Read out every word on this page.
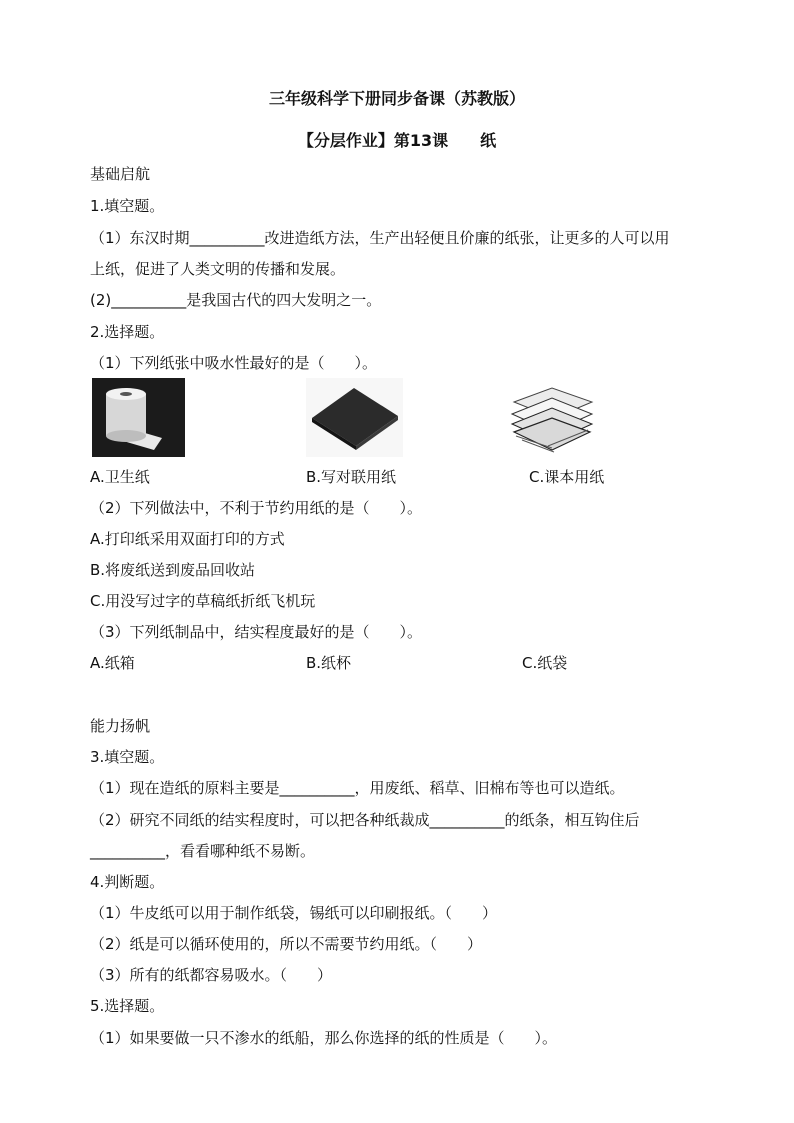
三年级科学下册同步备课（苏教版）
【分层作业】第13课　　纸
基础启航
1.填空题。
（1）东汉时期__________改进造纸方法，生产出轻便且价廉的纸张，让更多的人可以用
上纸，促进了人类文明的传播和发展。
(2)__________是我国古代的四大发明之一。
2.选择题。
（1）下列纸张中吸水性最好的是（　　）。
A.卫生纸	B.写对联用纸	C.课本用纸
（2）下列做法中，不利于节约用纸的是（　　）。
A.打印纸采用双面打印的方式
B.将废纸送到废品回收站
C.用没写过字的草稿纸折纸飞机玩
（3）下列纸制品中，结实程度最好的是（　　）。
A.纸箱	B.纸杯	C.纸袋
能力扬帆
3.填空题。
（1）现在造纸的原料主要是__________，用废纸、稻草、旧棉布等也可以造纸。
（2）研究不同纸的结实程度时，可以把各种纸裁成__________的纸条，相互钩住后
__________，看看哪种纸不易断。
4.判断题。
（1）牛皮纸可以用于制作纸袋，锡纸可以印刷报纸。（　　）
（2）纸是可以循环使用的，所以不需要节约用纸。（　　）
（3）所有的纸都容易吸水。（　　）
5.选择题。
（1）如果要做一只不渗水的纸船，那么你选择的纸的性质是（　　）。
